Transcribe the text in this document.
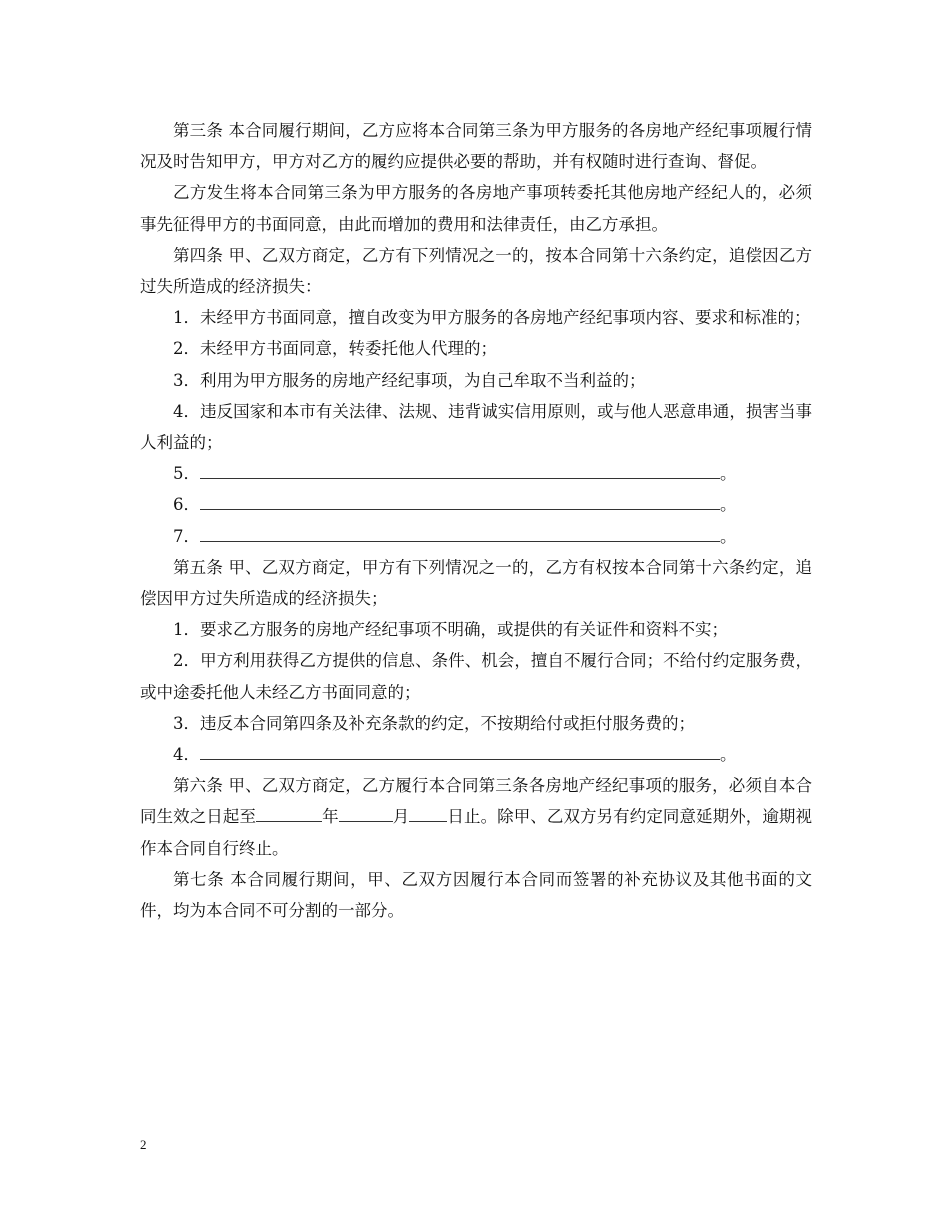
第三条 本合同履行期间，乙方应将本合同第三条为甲方服务的各房地产经纪事项履行情况及时告知甲方，甲方对乙方的履约应提供必要的帮助，并有权随时进行查询、督促。

乙方发生将本合同第三条为甲方服务的各房地产事项转委托其他房地产经纪人的，必须事先征得甲方的书面同意，由此而增加的费用和法律责任，由乙方承担。

第四条 甲、乙双方商定，乙方有下列情况之一的，按本合同第十六条约定，追偿因乙方过失所造成的经济损失：

1．未经甲方书面同意，擅自改变为甲方服务的各房地产经纪事项内容、要求和标准的；

2．未经甲方书面同意，转委托他人代理的；

3．利用为甲方服务的房地产经纪事项，为自己牟取不当利益的；

4．违反国家和本市有关法律、法规、违背诚实信用原则，或与他人恶意串通，损害当事人利益的；

5．	。

6．	。

7．	。

第五条 甲、乙双方商定，甲方有下列情况之一的，乙方有权按本合同第十六条约定，追偿因甲方过失所造成的经济损失；

1．要求乙方服务的房地产经纪事项不明确，或提供的有关证件和资料不实；

2．甲方利用获得乙方提供的信息、条件、机会，擅自不履行合同；不给付约定服务费，或中途委托他人未经乙方书面同意的；

3．违反本合同第四条及补充条款的约定，不按期给付或拒付服务费的；

4．	。

第六条 甲、乙双方商定，乙方履行本合同第三条各房地产经纪事项的服务，必须自本合同生效之日起至	年	月 日止。除甲、乙双方另有约定同意延期外，逾期视作本合同自行终止。

第七条 本合同履行期间，甲、乙双方因履行本合同而签署的补充协议及其他书面的文件，均为本合同不可分割的一部分。

2
